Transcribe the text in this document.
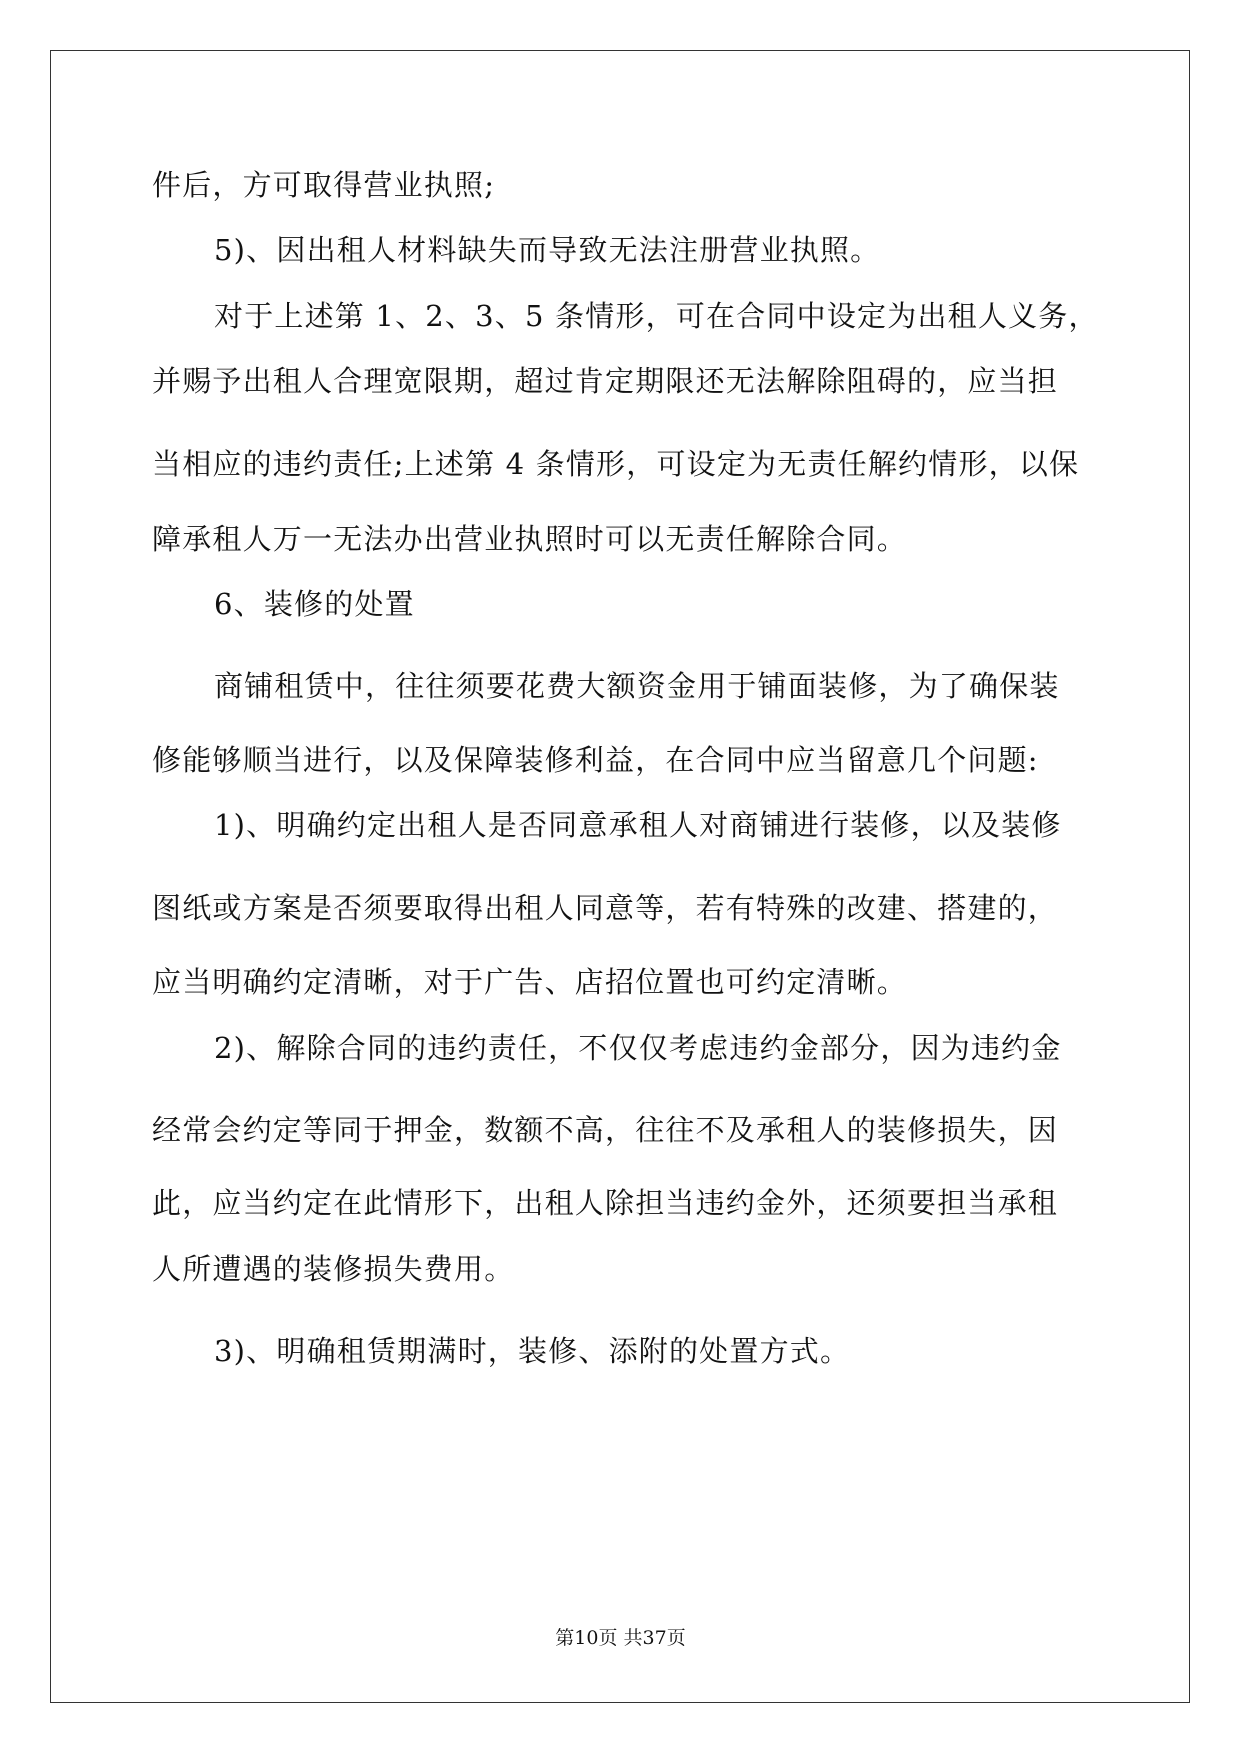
件后，方可取得营业执照;
5)、因出租人材料缺失而导致无法注册营业执照。
对于上述第 1、2、3、5 条情形，可在合同中设定为出租人义务，
并赐予出租人合理宽限期，超过肯定期限还无法解除阻碍的，应当担
当相应的违约责任;上述第 4 条情形，可设定为无责任解约情形，以保
障承租人万一无法办出营业执照时可以无责任解除合同。
6、装修的处置
商铺租赁中，往往须要花费大额资金用于铺面装修，为了确保装
修能够顺当进行，以及保障装修利益，在合同中应当留意几个问题:
1)、明确约定出租人是否同意承租人对商铺进行装修，以及装修
图纸或方案是否须要取得出租人同意等，若有特殊的改建、搭建的，
应当明确约定清晰，对于广告、店招位置也可约定清晰。
2)、解除合同的违约责任，不仅仅考虑违约金部分，因为违约金
经常会约定等同于押金，数额不高，往往不及承租人的装修损失，因
此，应当约定在此情形下，出租人除担当违约金外，还须要担当承租
人所遭遇的装修损失费用。
3)、明确租赁期满时，装修、添附的处置方式。
第10页 共37页
